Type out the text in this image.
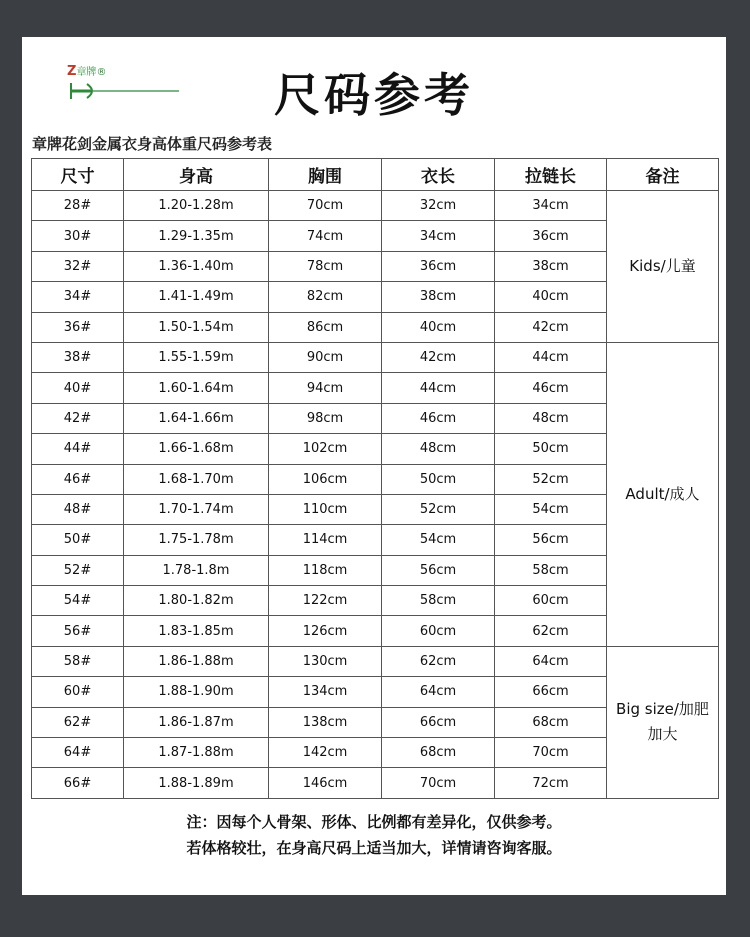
Z章牌®	尺码参考
章牌花剑金属衣身高体重尺码参考表
尺寸	身高	胸围	衣长	拉链长	备注
28#	1.20-1.28m	70cm	32cm	34cm	Kids/儿童
30#	1.29-1.35m	74cm	34cm	36cm	
32#	1.36-1.40m	78cm	36cm	38cm	
34#	1.41-1.49m	82cm	38cm	40cm	
36#	1.50-1.54m	86cm	40cm	42cm	
38#	1.55-1.59m	90cm	42cm	44cm	Adult/成人
40#	1.60-1.64m	94cm	44cm	46cm	
42#	1.64-1.66m	98cm	46cm	48cm	
44#	1.66-1.68m	102cm	48cm	50cm	
46#	1.68-1.70m	106cm	50cm	52cm	
48#	1.70-1.74m	110cm	52cm	54cm	
50#	1.75-1.78m	114cm	54cm	56cm	
52#	1.78-1.8m	118cm	56cm	58cm	
54#	1.80-1.82m	122cm	58cm	60cm	
56#	1.83-1.85m	126cm	60cm	62cm	
58#	1.86-1.88m	130cm	62cm	64cm	Big size/加肥加大
60#	1.88-1.90m	134cm	64cm	66cm	
62#	1.86-1.87m	138cm	66cm	68cm	
64#	1.87-1.88m	142cm	68cm	70cm	
66#	1.88-1.89m	146cm	70cm	72cm	
注：因每个人骨架、形体、比例都有差异化，仅供参考。
若体格较壮，在身高尺码上适当加大，详情请咨询客服。
